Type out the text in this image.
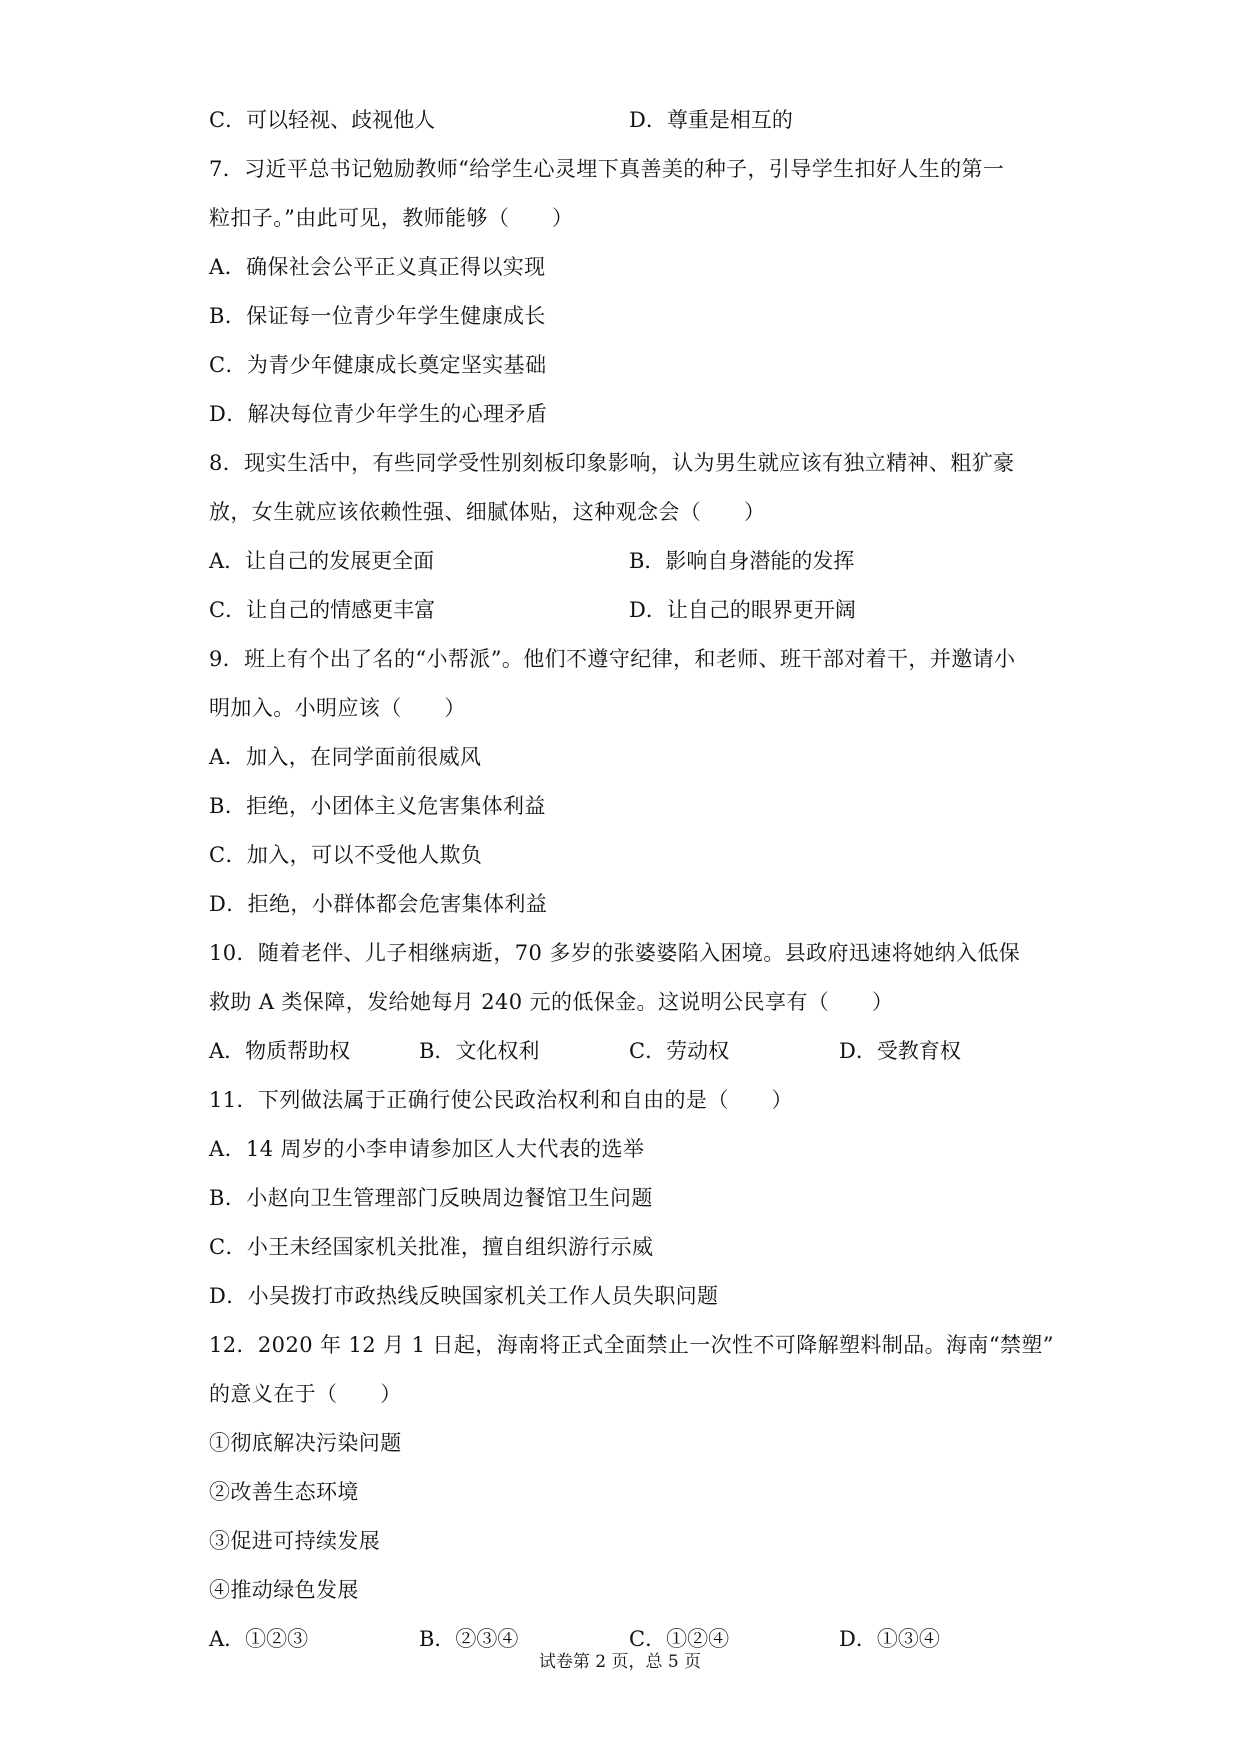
C．可以轻视、歧视他人	D．尊重是相互的
7．习近平总书记勉励教师“给学生心灵埋下真善美的种子，引导学生扣好人生的第一
粒扣子。”由此可见，教师能够（　　）
A．确保社会公平正义真正得以实现
B．保证每一位青少年学生健康成长
C．为青少年健康成长奠定坚实基础
D．解决每位青少年学生的心理矛盾
8．现实生活中，有些同学受性别刻板印象影响，认为男生就应该有独立精神、粗犷豪
放，女生就应该依赖性强、细腻体贴，这种观念会（　　）
A．让自己的发展更全面	B．影响自身潜能的发挥
C．让自己的情感更丰富	D．让自己的眼界更开阔
9．班上有个出了名的“小帮派”。他们不遵守纪律，和老师、班干部对着干，并邀请小
明加入。小明应该（　　）
A．加入，在同学面前很威风
B．拒绝，小团体主义危害集体利益
C．加入，可以不受他人欺负
D．拒绝，小群体都会危害集体利益
10．随着老伴、儿子相继病逝，70 多岁的张婆婆陷入困境。县政府迅速将她纳入低保
救助 A 类保障，发给她每月 240 元的低保金。这说明公民享有（　　）
A．物质帮助权	B．文化权利	C．劳动权	D．受教育权
11．下列做法属于正确行使公民政治权利和自由的是（　　）
A．14 周岁的小李申请参加区人大代表的选举
B．小赵向卫生管理部门反映周边餐馆卫生问题
C．小王未经国家机关批准，擅自组织游行示威
D．小吴拨打市政热线反映国家机关工作人员失职问题
12．2020 年 12 月 1 日起，海南将正式全面禁止一次性不可降解塑料制品。海南“禁塑”
的意义在于（　　）
①彻底解决污染问题
②改善生态环境
③促进可持续发展
④推动绿色发展
A．①②③	B．②③④	C．①②④	D．①③④
试卷第 2 页，总 5 页
